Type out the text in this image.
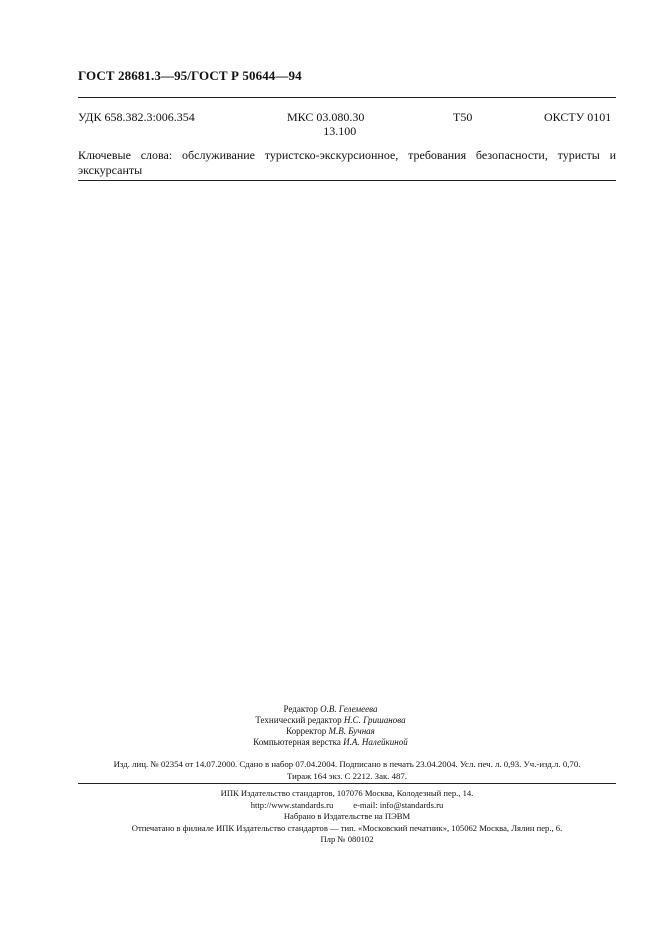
ГОСТ 28681.3—95/ГОСТ Р 50644—94
УДК 658.382.3:006.354	МКС 03.080.30
13.100
Т50	ОКСТУ 0101
Ключевые слова: обслуживание туристско-экскурсионное, требования безопасности, туристы и экскурсанты
Редактор О.В. Гелемеева
Технический редактор Н.С. Гришанова
Корректор М.В. Бучная
Компьютерная верстка И.А. Налейкиной
Изд. лиц. № 02354 от 14.07.2000. Сдано в набор 07.04.2004. Подписано в печать 23.04.2004. Усл. печ. л. 0,93. Уч.-изд.л. 0,70.
Тираж 164 экз. С 2212. Зак. 487.
ИПК Издательство стандартов, 107076 Москва, Колодезный пер., 14.
http://www.standards.ru e-mail: info@standards.ru
Набрано в Издательстве на ПЭВМ
Отпечатано в филиале ИПК Издательство стандартов — тип. «Московский печатник», 105062 Москва, Лялин пер., 6.
Плр № 080102
